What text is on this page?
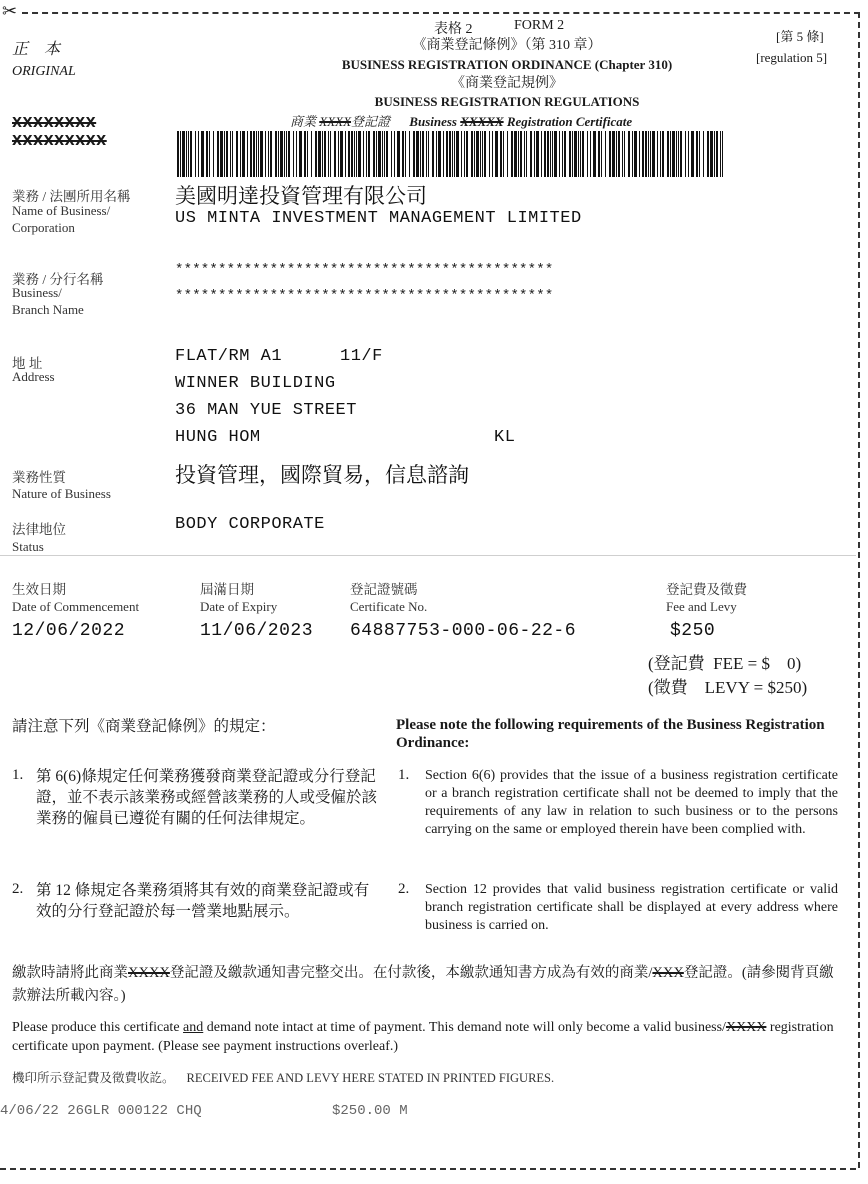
✂
正　本
ORIGINAL
XXXXXXXX
XXXXXXXXX
表格 2	FORM 2
《商業登記條例》（第 310 章）
BUSINESS REGISTRATION ORDINANCE (Chapter 310)
《商業登記規例》
BUSINESS REGISTRATION REGULATIONS
商業 XXXX登記證 Business XXXXX Registration Certificate
[第 5 條]
[regulation 5]
業務 / 法團所用名稱
Name of Business/
Corporation
美國明達投資管理有限公司
US MINTA INVESTMENT MANAGEMENT LIMITED
業務 / 分行名稱
Business/
Branch Name
********************************************
********************************************
地 址
Address
FLAT/RM A1	11/F
WINNER BUILDING
36 MAN YUE STREET
HUNG HOM	KL
業務性質
Nature of Business
投資管理，國際貿易，信息諮詢
法律地位
Status
BODY CORPORATE
生效日期
Date of Commencement
12/06/2022
屆滿日期
Date of Expiry
11/06/2023
登記證號碼
Certificate No.
64887753-000-06-22-6
登記費及徵費
Fee and Levy
$250
(登記費  FEE = $    0)
(徵費    LEVY = $250)
請注意下列《商業登記條例》的規定：	Please note the following requirements of the Business Registration Ordinance:
1. 第 6(6)條規定任何業務獲發商業登記證或分行登記證，並不表示該業務或經營該業務的人或受僱於該業務的僱員已遵從有關的任何法律規定。
1. Section 6(6) provides that the issue of a business registration certificate or a branch registration certificate shall not be deemed to imply that the requirements of any law in relation to such business or to the persons carrying on the same or employed therein have been complied with.
2. 第 12 條規定各業務須將其有效的商業登記證或有效的分行登記證於每一營業地點展示。
2. Section 12 provides that valid business registration certificate or valid branch registration certificate shall be displayed at every address where business is carried on.
繳款時請將此商業XXXX登記證及繳款通知書完整交出。在付款後，本繳款通知書方成為有效的商業/XXX登記證。(請參閱背頁繳款辦法所載內容。)
Please produce this certificate and demand note intact at time of payment. This demand note will only become a valid business/XXXX registration certificate upon payment. (Please see payment instructions overleaf.)
機印所示登記費及徵費收訖。 RECEIVED FEE AND LEVY HERE STATED IN PRINTED FIGURES.
4/06/22 26GLR 000122 CHQ	$250.00 M
